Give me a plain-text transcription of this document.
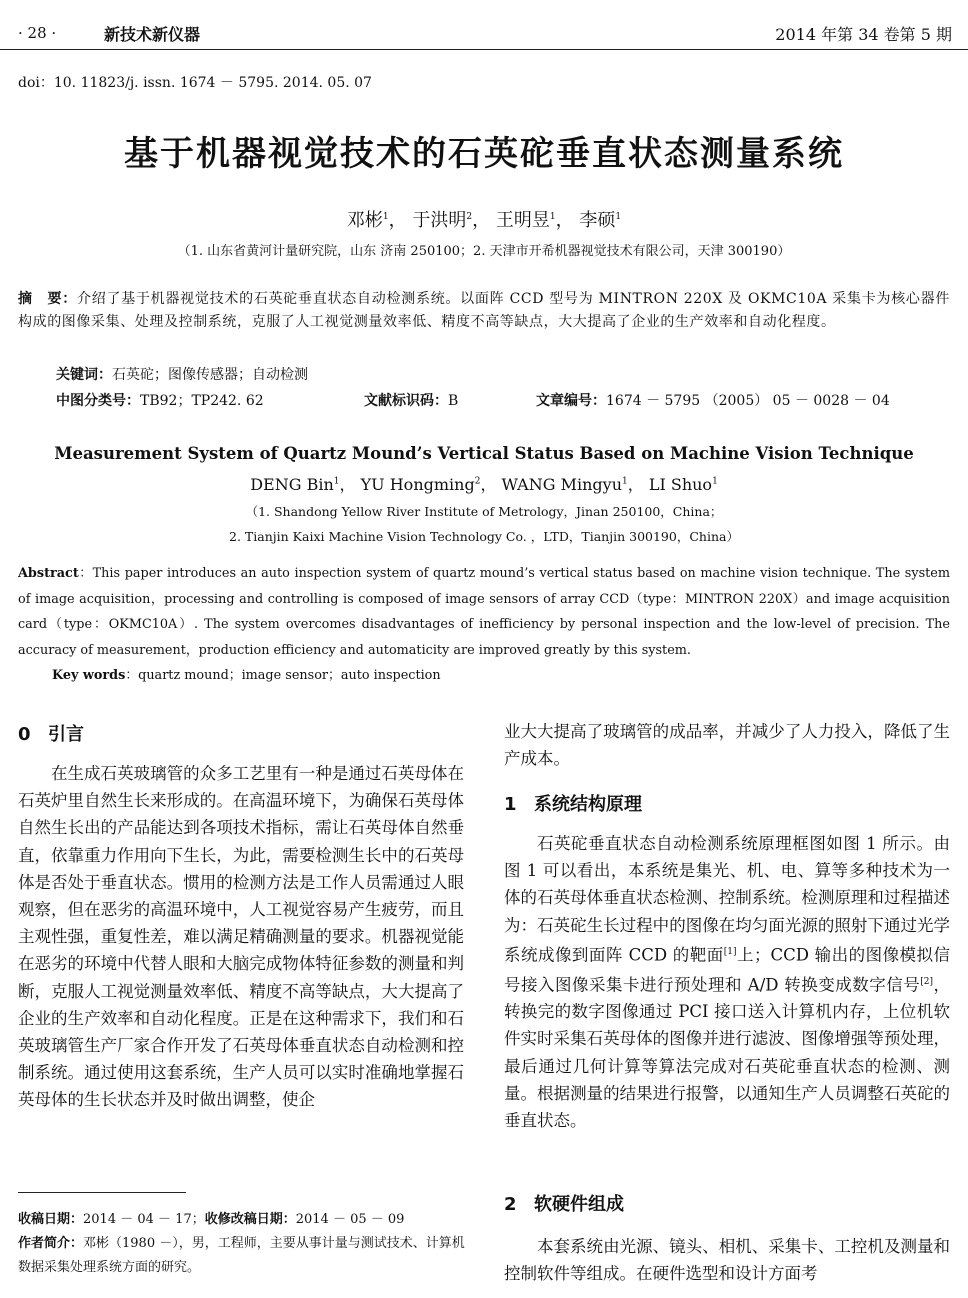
· 28 ·	新技术新仪器	2014 年第 34 卷第 5 期
doi：10. 11823/j. issn. 1674 － 5795. 2014. 05. 07
基于机器视觉技术的石英砣垂直状态测量系统
邓彬$^1$， 于洪明$^2$， 王明昱$^1$， 李硕$^1$
（1. 山东省黄河计量研究院，山东 济南 250100；2. 天津市开希机器视觉技术有限公司，天津 300190）
摘　要：介绍了基于机器视觉技术的石英砣垂直状态自动检测系统。以面阵 CCD 型号为 MINTRON 220X 及 OKMC10A 采集卡为核心器件构成的图像采集、处理及控制系统，克服了人工视觉测量效率低、精度不高等缺点，大大提高了企业的生产效率和自动化程度。
关键词：石英砣；图像传感器；自动检测
中图分类号：TB92；TP242. 62	文献标识码：B	文章编号：1674 － 5795 （2005） 05 － 0028 － 04
Measurement System of Quartz Mound’s Vertical Status Based on Machine Vision Technique
DENG Bin$^1$， YU Hongming$^2$， WANG Mingyu$^1$， LI Shuo$^1$
（1. Shandong Yellow River Institute of Metrology，Jinan 250100，China；
2. Tianjin Kaixi Machine Vision Technology Co. ，LTD，Tianjin 300190，China）
Abstract：This paper introduces an auto inspection system of quartz mound’s vertical status based on machine vision technique. The system of image acquisition，processing and controlling is composed of image sensors of array CCD（type：MINTRON 220X）and image acquisition card（type：OKMC10A）. The system overcomes disadvantages of inefficiency by personal inspection and the low-level of precision. The accuracy of measurement，production efficiency and automaticity are improved greatly by this system.
Key words：quartz mound；image sensor；auto inspection
0 引言
在生成石英玻璃管的众多工艺里有一种是通过石英母体在石英炉里自然生长来形成的。在高温环境下，为确保石英母体自然生长出的产品能达到各项技术指标，需让石英母体自然垂直，依靠重力作用向下生长，为此，需要检测生长中的石英母体是否处于垂直状态。惯用的检测方法是工作人员需通过人眼观察，但在恶劣的高温环境中，人工视觉容易产生疲劳，而且主观性强，重复性差，难以满足精确测量的要求。机器视觉能在恶劣的环境中代替人眼和大脑完成物体特征参数的测量和判断，克服人工视觉测量效率低、精度不高等缺点，大大提高了企业的生产效率和自动化程度。正是在这种需求下，我们和石英玻璃管生产厂家合作开发了石英母体垂直状态自动检测和控制系统。通过使用这套系统，生产人员可以实时准确地掌握石英母体的生长状态并及时做出调整，使企
收稿日期：2014 － 04 － 17；收修改稿日期：2014 － 05 － 09
作者简介：邓彬（1980 －），男，工程师，主要从事计量与测试技术、计算机数据采集处理系统方面的研究。
业大大提高了玻璃管的成品率，并减少了人力投入，降低了生产成本。
1 系统结构原理
石英砣垂直状态自动检测系统原理框图如图 1 所示。由图 1 可以看出，本系统是集光、机、电、算等多种技术为一体的石英母体垂直状态检测、控制系统。检测原理和过程描述为：石英砣生长过程中的图像在均匀面光源的照射下通过光学系统成像到面阵 CCD 的靶面[1]上；CCD 输出的图像模拟信号接入图像采集卡进行预处理和 A/D 转换变成数字信号[2]，转换完的数字图像通过 PCI 接口送入计算机内存，上位机软件实时采集石英母体的图像并进行滤波、图像增强等预处理，最后通过几何计算等算法完成对石英砣垂直状态的检测、测量。根据测量的结果进行报警，以通知生产人员调整石英砣的垂直状态。
2 软硬件组成
本套系统由光源、镜头、相机、采集卡、工控机及测量和控制软件等组成。在硬件选型和设计方面考
